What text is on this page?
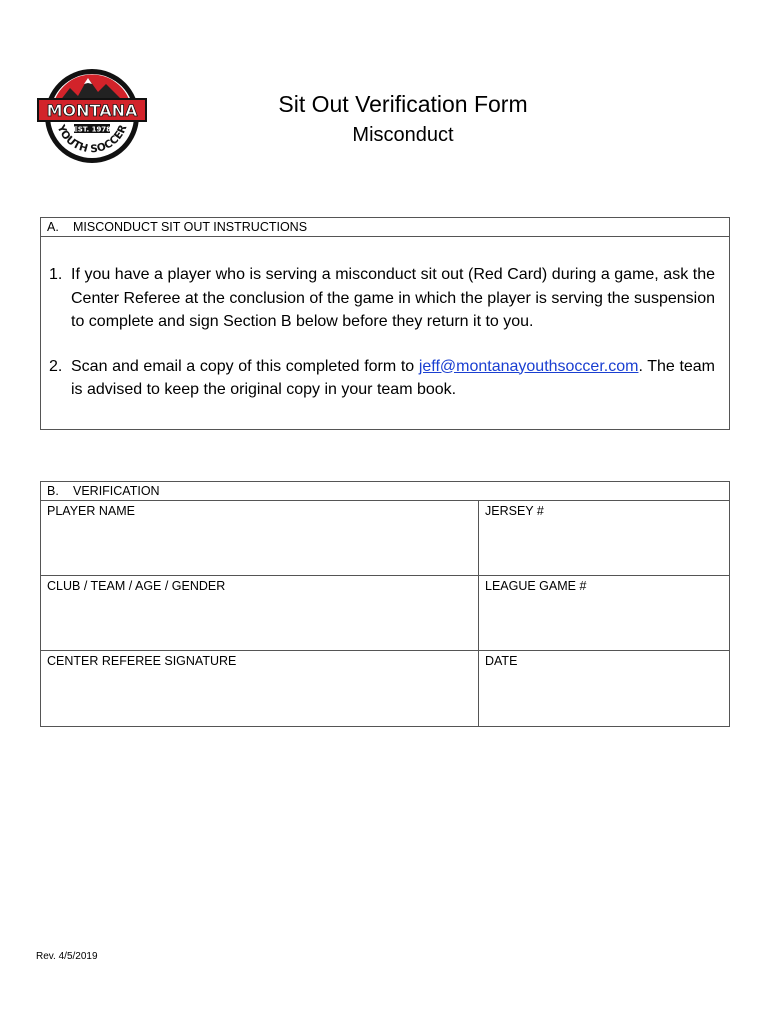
MONTANA
EST. 1978
YOUTH SOCCER
Sit Out Verification Form
Misconduct
A. MISCONDUCT SIT OUT INSTRUCTIONS
1. If you have a player who is serving a misconduct sit out (Red Card) during a game, ask the Center Referee at the conclusion of the game in which the player is serving the suspension to complete and sign Section B below before they return it to you.
2. Scan and email a copy of this completed form to jeff@montanayouthsoccer.com. The team is advised to keep the original copy in your team book.
B. VERIFICATION
PLAYER NAME	JERSEY #
CLUB / TEAM / AGE / GENDER	LEAGUE GAME #
CENTER REFEREE SIGNATURE	DATE
Rev. 4/5/2019
